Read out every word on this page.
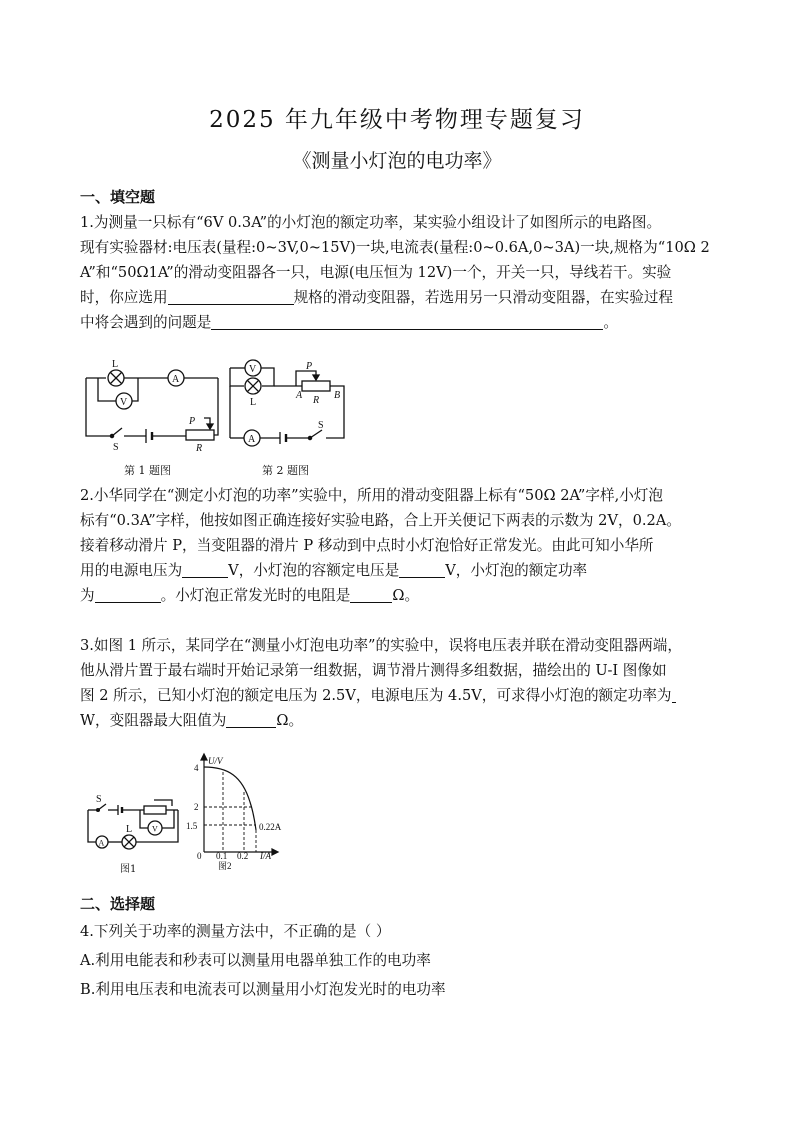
2025 年九年级中考物理专题复习
《测量小灯泡的电功率》
一、填空题
1.为测量一只标有“6V 0.3A”的小灯泡的额定功率，某实验小组设计了如图所示的电路图。
现有实验器材:电压表(量程:0~3V,0~15V)一块,电流表(量程:0~0.6A,0~3A)一块,规格为“10Ω 2
A”和“50Ω1A”的滑动变阻器各一只，电源(电压恒为 12V)一个，开关一只，导线若干。实验
时，你应选用	规格的滑动变阻器，若选用另一只滑动变阻器，在实验过程
中将会遇到的问题是	。
L
A
V
S
P
R
第 1 题图
V
L
P
A R B
A
S
第 2 题图
2.小华同学在“测定小灯泡的功率”实验中，所用的滑动变阻器上标有“50Ω 2A”字样,小灯泡
标有“0.3A”字样，他按如图正确连接好实验电路，合上开关便记下两表的示数为 2V，0.2A。
接着移动滑片 P，当变阻器的滑片 P 移动到中点时小灯泡恰好正常发光。由此可知小华所
用的电源电压为	V，小灯泡的容额定电压是	V，小灯泡的额定功率
为	。小灯泡正常发光时的电阻是	Ω。
3.如图 1 所示，某同学在“测量小灯泡电功率”的实验中，误将电压表并联在滑动变阻器两端，
他从滑片置于最右端时开始记录第一组数据，调节滑片测得多组数据，描绘出的 U-I 图像如
图 2 所示，已知小灯泡的额定电压为 2.5V，电源电压为 4.5V，可求得小灯泡的额定功率为
W，变阻器最大阻值为	Ω。
S
L
A
V
图1
U/V
4
2
1.5
0 0.1 0.2 I/A
0.22A
图2
二、选择题
4.下列关于功率的测量方法中，不正确的是（ ）
A.利用电能表和秒表可以测量用电器单独工作的电功率
B.利用电压表和电流表可以测量用小灯泡发光时的电功率
